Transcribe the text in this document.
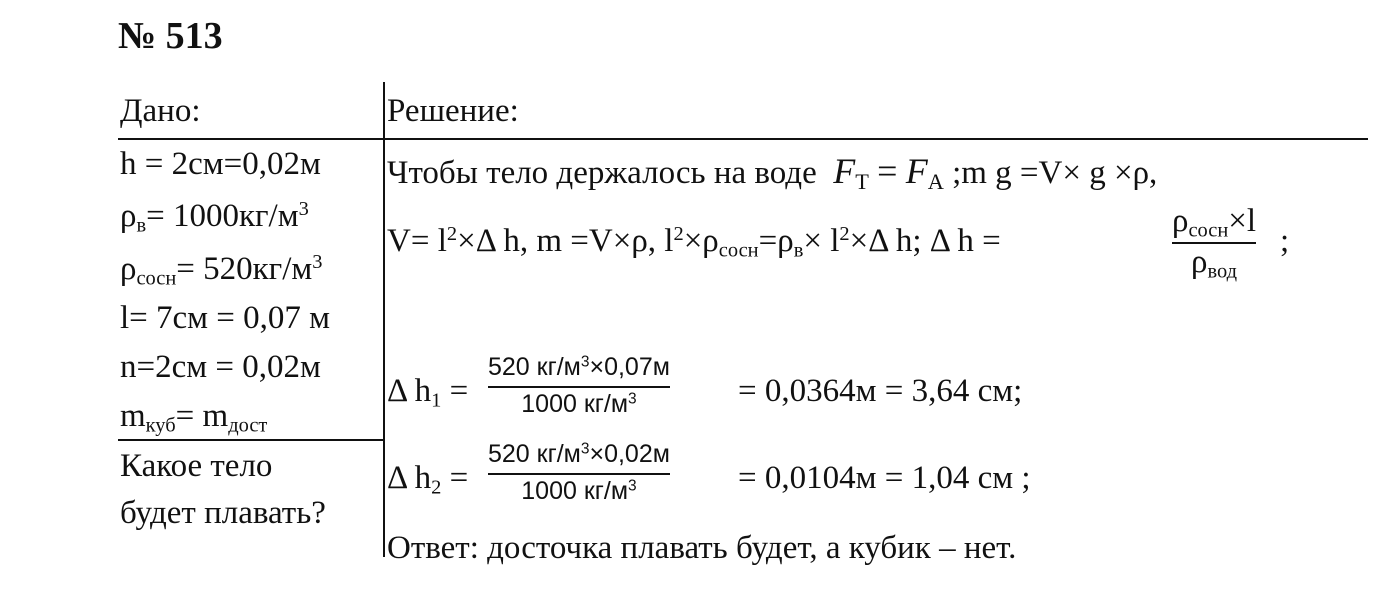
№ 513
Дано:
h = 2см=0,02м
$\rho_в= 1000кг/м^3$
$\rho_{сосн}= 520кг/м^3$
l= 7см = 0,07 м
n=2см = 0,02м
$m_{куб}= m_{дост}$
Какое тело
будет плавать?
Решение:
Чтобы тело держалось на воде $F_Т = F_A$ ;m g =V× g ×ρ,
$V= l^2\times\Delta$ h, m =V×ρ, $l^2\times\rho_{сосн}=\rho_в\times l^2\times\Delta$ h; Δ h =
$\rho_{сосн}\times l$
$\rho_{вод}$
;
Δ $h_1$ =
520 $кг/м^3\times 0,07м$
1000 $кг/м^3$	= 0,0364м = 3,64 см;
Δ $h_2$ =
520 $кг/м^3\times 0,02м$
1000 $кг/м^3$	= 0,0104м = 1,04 см ;
Ответ: досточка плавать будет, а кубик – нет.
